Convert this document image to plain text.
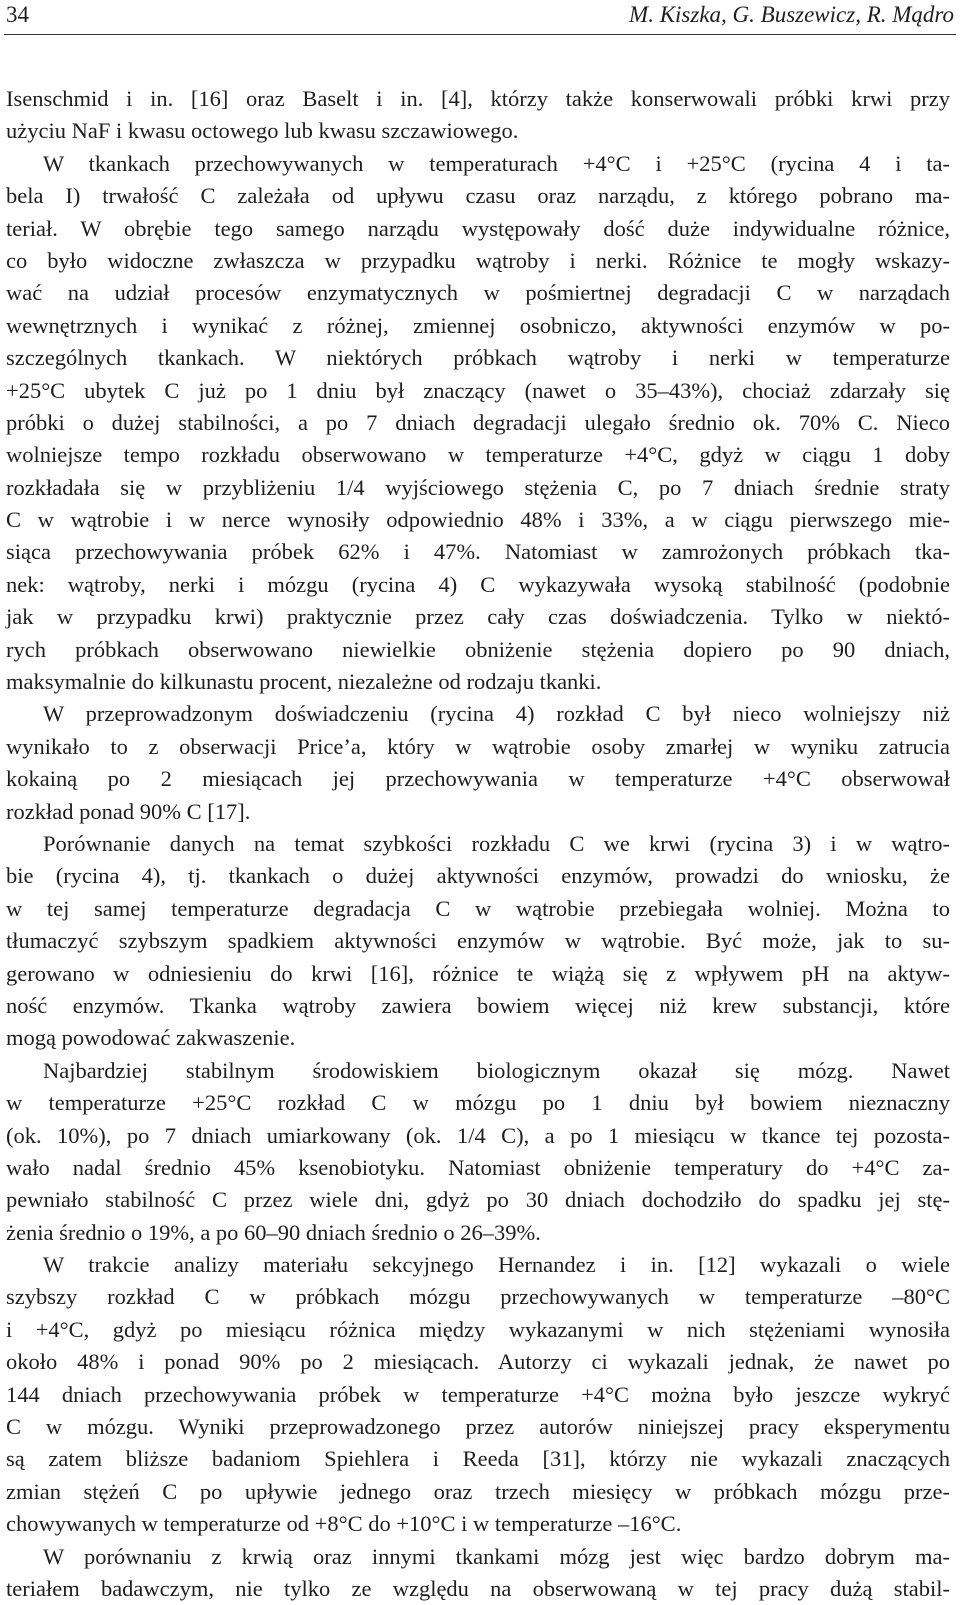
34	M. Kiszka, G. Buszewicz, R. Mądro
Isenschmid i in. [16] oraz Baselt i in. [4], którzy także konserwowali próbki krwi przy
użyciu NaF i kwasu octowego lub kwasu szczawiowego.
W tkankach przechowywanych w temperaturach +4°C i +25°C (rycina 4 i ta-
bela I) trwałość C zależała od upływu czasu oraz narządu, z którego pobrano ma-
teriał. W obrębie tego samego narządu występowały dość duże indywidualne różnice,
co było widoczne zwłaszcza w przypadku wątroby i nerki. Różnice te mogły wskazy-
wać na udział procesów enzymatycznych w pośmiertnej degradacji C w narządach
wewnętrznych i wynikać z różnej, zmiennej osobniczo, aktywności enzymów w po-
szczególnych tkankach. W niektórych próbkach wątroby i nerki w temperaturze
+25°C ubytek C już po 1 dniu był znaczący (nawet o 35–43%), chociaż zdarzały się
próbki o dużej stabilności, a po 7 dniach degradacji ulegało średnio ok. 70% C. Nieco
wolniejsze tempo rozkładu obserwowano w temperaturze +4°C, gdyż w ciągu 1 doby
rozkładała się w przybliżeniu 1/4 wyjściowego stężenia C, po 7 dniach średnie straty
C w wątrobie i w nerce wynosiły odpowiednio 48% i 33%, a w ciągu pierwszego mie-
siąca przechowywania próbek 62% i 47%. Natomiast w zamrożonych próbkach tka-
nek: wątroby, nerki i mózgu (rycina 4) C wykazywała wysoką stabilność (podobnie
jak w przypadku krwi) praktycznie przez cały czas doświadczenia. Tylko w niektó-
rych próbkach obserwowano niewielkie obniżenie stężenia dopiero po 90 dniach,
maksymalnie do kilkunastu procent, niezależne od rodzaju tkanki.
W przeprowadzonym doświadczeniu (rycina 4) rozkład C był nieco wolniejszy niż
wynikało to z obserwacji Price’a, który w wątrobie osoby zmarłej w wyniku zatrucia
kokainą po 2 miesiącach jej przechowywania w temperaturze +4°C obserwował
rozkład ponad 90% C [17].
Porównanie danych na temat szybkości rozkładu C we krwi (rycina 3) i w wątro-
bie (rycina 4), tj. tkankach o dużej aktywności enzymów, prowadzi do wniosku, że
w tej samej temperaturze degradacja C w wątrobie przebiegała wolniej. Można to
tłumaczyć szybszym spadkiem aktywności enzymów w wątrobie. Być może, jak to su-
gerowano w odniesieniu do krwi [16], różnice te wiążą się z wpływem pH na aktyw-
ność enzymów. Tkanka wątroby zawiera bowiem więcej niż krew substancji, które
mogą powodować zakwaszenie.
Najbardziej stabilnym środowiskiem biologicznym okazał się mózg. Nawet
w temperaturze +25°C rozkład C w mózgu po 1 dniu był bowiem nieznaczny
(ok. 10%), po 7 dniach umiarkowany (ok. 1/4 C), a po 1 miesiącu w tkance tej pozosta-
wało nadal średnio 45% ksenobiotyku. Natomiast obniżenie temperatury do +4°C za-
pewniało stabilność C przez wiele dni, gdyż po 30 dniach dochodziło do spadku jej stę-
żenia średnio o 19%, a po 60–90 dniach średnio o 26–39%.
W trakcie analizy materiału sekcyjnego Hernandez i in. [12] wykazali o wiele
szybszy rozkład C w próbkach mózgu przechowywanych w temperaturze –80°C
i +4°C, gdyż po miesiącu różnica między wykazanymi w nich stężeniami wynosiła
około 48% i ponad 90% po 2 miesiącach. Autorzy ci wykazali jednak, że nawet po
144 dniach przechowywania próbek w temperaturze +4°C można było jeszcze wykryć
C w mózgu. Wyniki przeprowadzonego przez autorów niniejszej pracy eksperymentu
są zatem bliższe badaniom Spiehlera i Reeda [31], którzy nie wykazali znaczących
zmian stężeń C po upływie jednego oraz trzech miesięcy w próbkach mózgu prze-
chowywanych w temperaturze od +8°C do +10°C i w temperaturze –16°C.
W porównaniu z krwią oraz innymi tkankami mózg jest więc bardzo dobrym ma-
teriałem badawczym, nie tylko ze względu na obserwowaną w tej pracy dużą stabil-
